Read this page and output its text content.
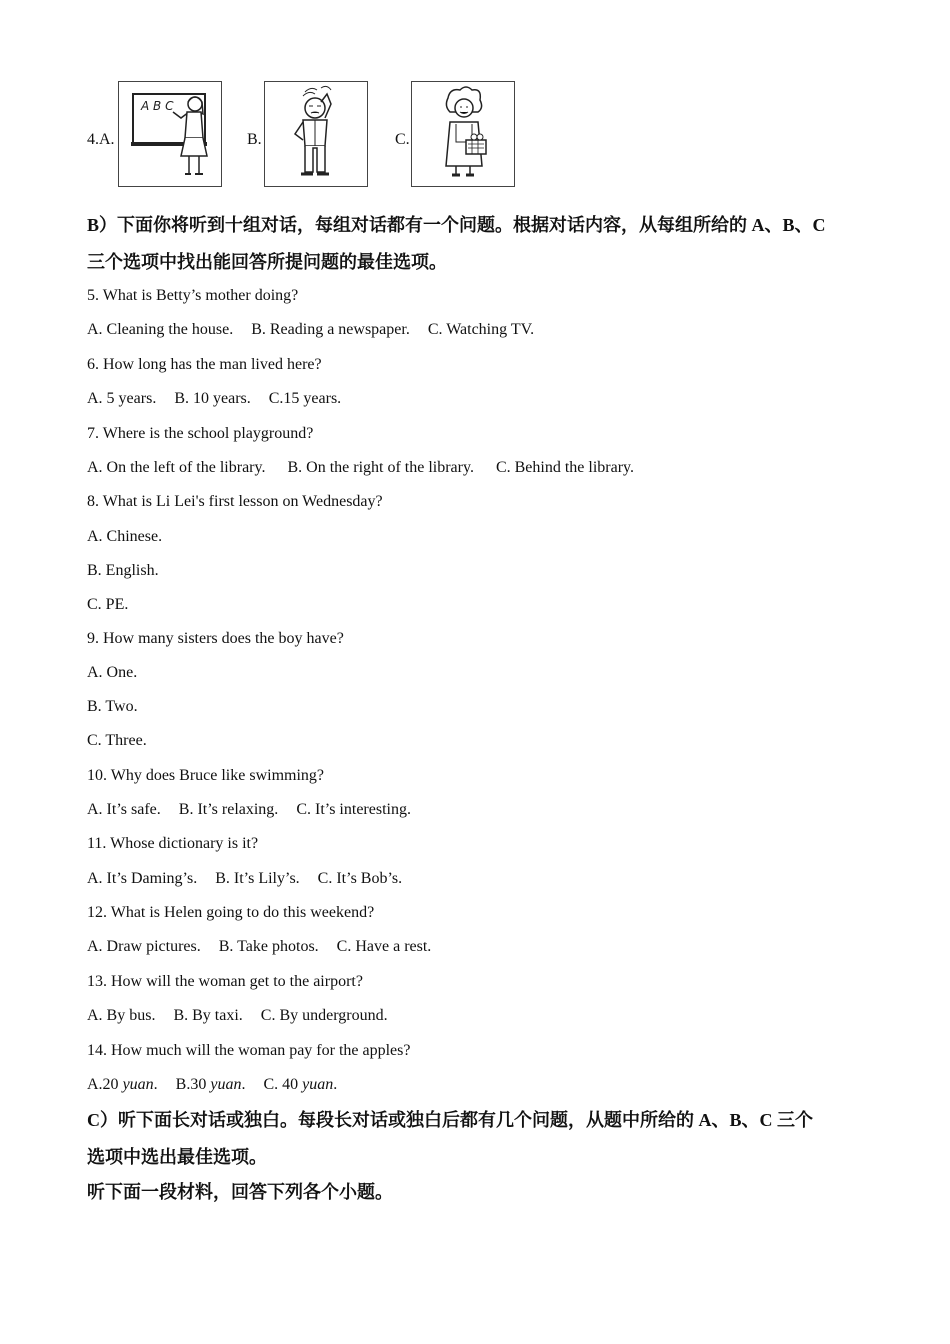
4.A.
A B C
B.	C.
B）下面你将听到十组对话，每组对话都有一个问题。根据对话内容，从每组所给的 A、B、C
三个选项中找出能回答所提问题的最佳选项。
5. What is Betty’s mother doing?
A. Cleaning the house. B. Reading a newspaper. C. Watching TV.
6. How long has the man lived here?
A. 5 years. B. 10 years. C.15 years.
7. Where is the school playground?
A. On the left of the library. B. On the right of the library. C. Behind the library.
8. What is Li Lei's first lesson on Wednesday?
A. Chinese.
B. English.
C. PE.
9. How many sisters does the boy have?
A. One.
B. Two.
C. Three.
10. Why does Bruce like swimming?
A. It’s safe. B. It’s relaxing. C. It’s interesting.
11. Whose dictionary is it?
A. It’s Daming’s. B. It’s Lily’s. C. It’s Bob’s.
12. What is Helen going to do this weekend?
A. Draw pictures. B. Take photos. C. Have a rest.
13. How will the woman get to the airport?
A. By bus. B. By taxi. C. By underground.
14. How much will the woman pay for the apples?
A.20 yuan. B.30 yuan. C. 40 yuan.
C）听下面长对话或独白。每段长对话或独白后都有几个问题，从题中所给的 A、B、C 三个
选项中选出最佳选项。
听下面一段材料，回答下列各个小题。
